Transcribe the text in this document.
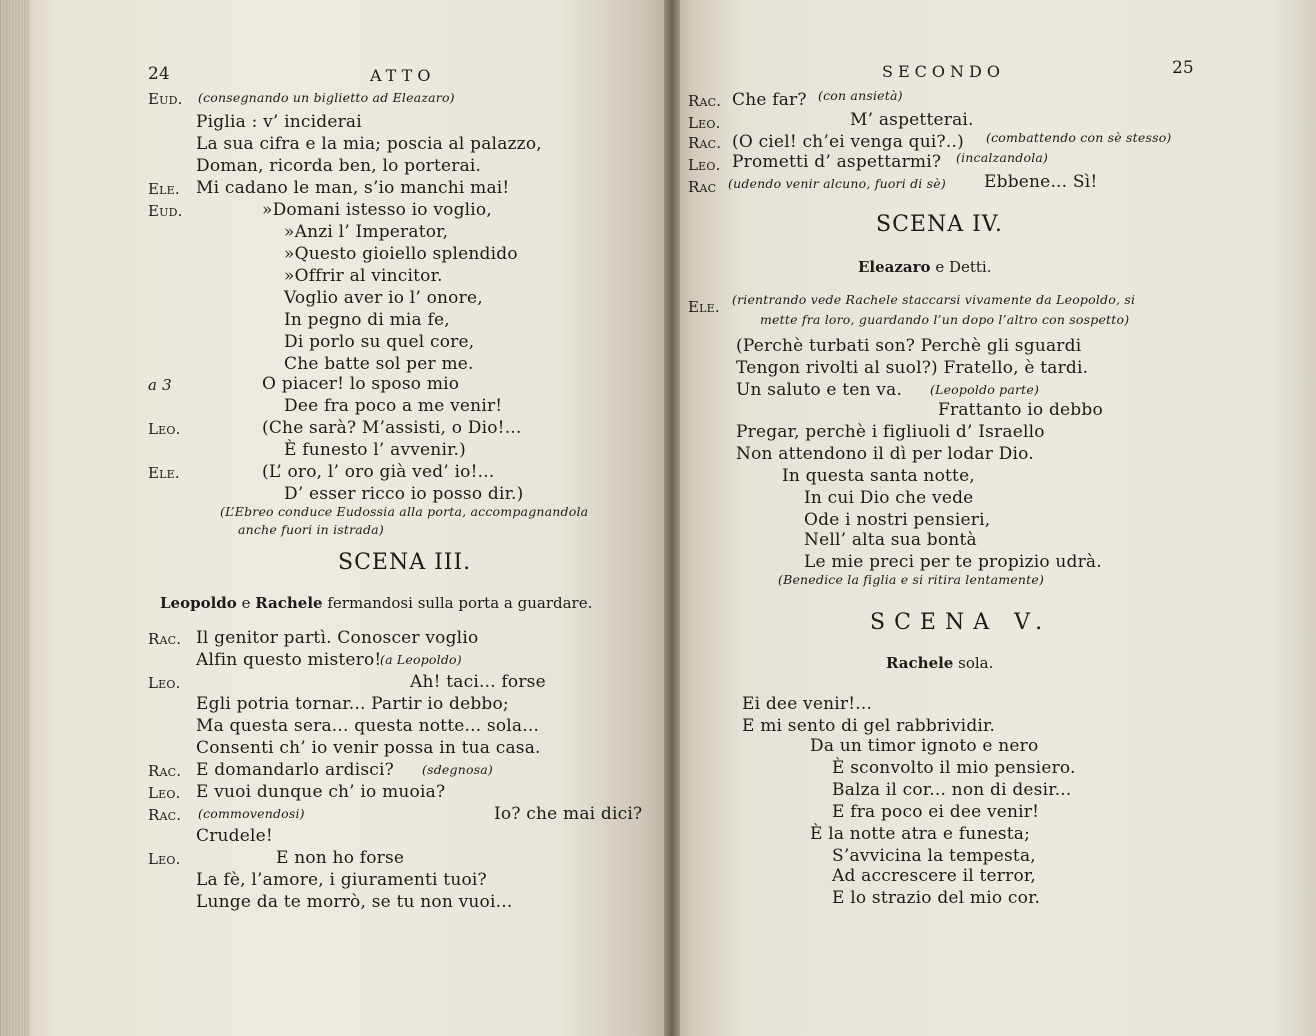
24	ATTO
Eud. (consegnando un biglietto ad Eleazaro)
Piglia : v’ inciderai
La sua cifra e la mia; poscia al palazzo,
Doman, ricorda ben, lo porterai.
Ele. Mi cadano le man, s’io manchi mai!
Eud.	»Domani istesso io voglio,
»Anzi l’ Imperator,
»Questo gioiello splendido
»Offrir al vincitor.
Voglio aver io l’ onore,
In pegno di mia fe,
Di porlo su quel core,
Che batte sol per me.
a 3	O piacer! lo sposo mio
Dee fra poco a me venir!
Leo.	(Che sarà? M’assisti, o Dio!...
È funesto l’ avvenir.)
Ele.	(L’ oro, l’ oro già ved’ io!...
D’ esser ricco io posso dir.)
(L’Ebreo conduce Eudossia alla porta, accompagnandola
anche fuori in istrada)
SCENA III.
Leopoldo e Rachele fermandosi sulla porta a guardare.
Rac. Il genitor partì. Conoscer voglio
Alfin questo mistero!
(a Leopoldo)
Leo.	Ah! taci... forse
Egli potria tornar... Partir io debbo;
Ma questa sera... questa notte... sola...
Consenti ch’ io venir possa in tua casa.
Rac. E domandarlo ardisci? (sdegnosa)
Leo. E vuoi dunque ch’ io muoia?
Rac. (commovendosi)	Io? che mai dici?
Crudele!
Leo.	E non ho forse
La fè, l’amore, i giuramenti tuoi?
Lunge da te morrò, se tu non vuoi...
SECONDO	25
Rac. Che far? (con ansietà)
Leo.	M’ aspetterai.
Rac. (O ciel! ch’ei venga qui?..) (combattendo con sè stesso)
Leo. Prometti d’ aspettarmi? (incalzandola)
Rac (udendo venir alcuno, fuori di sè) Ebbene... Sì!
SCENA IV.
Eleazaro e Detti.
Ele. (rientrando vede Rachele staccarsi vivamente da Leopoldo, si
mette fra loro, guardando l’un dopo l’altro con sospetto)
(Perchè turbati son? Perchè gli sguardi
Tengon rivolti al suol?) Fratello, è tardi.
Un saluto e ten va. (Leopoldo parte)
Frattanto io debbo
Pregar, perchè i figliuoli d’ Israello
Non attendono il dì per lodar Dio.
In questa santa notte,
In cui Dio che vede
Ode i nostri pensieri,
Nell’ alta sua bontà
Le mie preci per te propizio udrà.
(Benedice la figlia e si ritira lentamente)
SCENA V.
Rachele sola.
Ei dee venir!...
E mi sento di gel rabbrividir.
Da un timor ignoto e nero
È sconvolto il mio pensiero.
Balza il cor... non di desir...
E fra poco ei dee venir!
È la notte atra e funesta;
S’avvicina la tempesta,
Ad accrescere il terror,
E lo strazio del mio cor.
